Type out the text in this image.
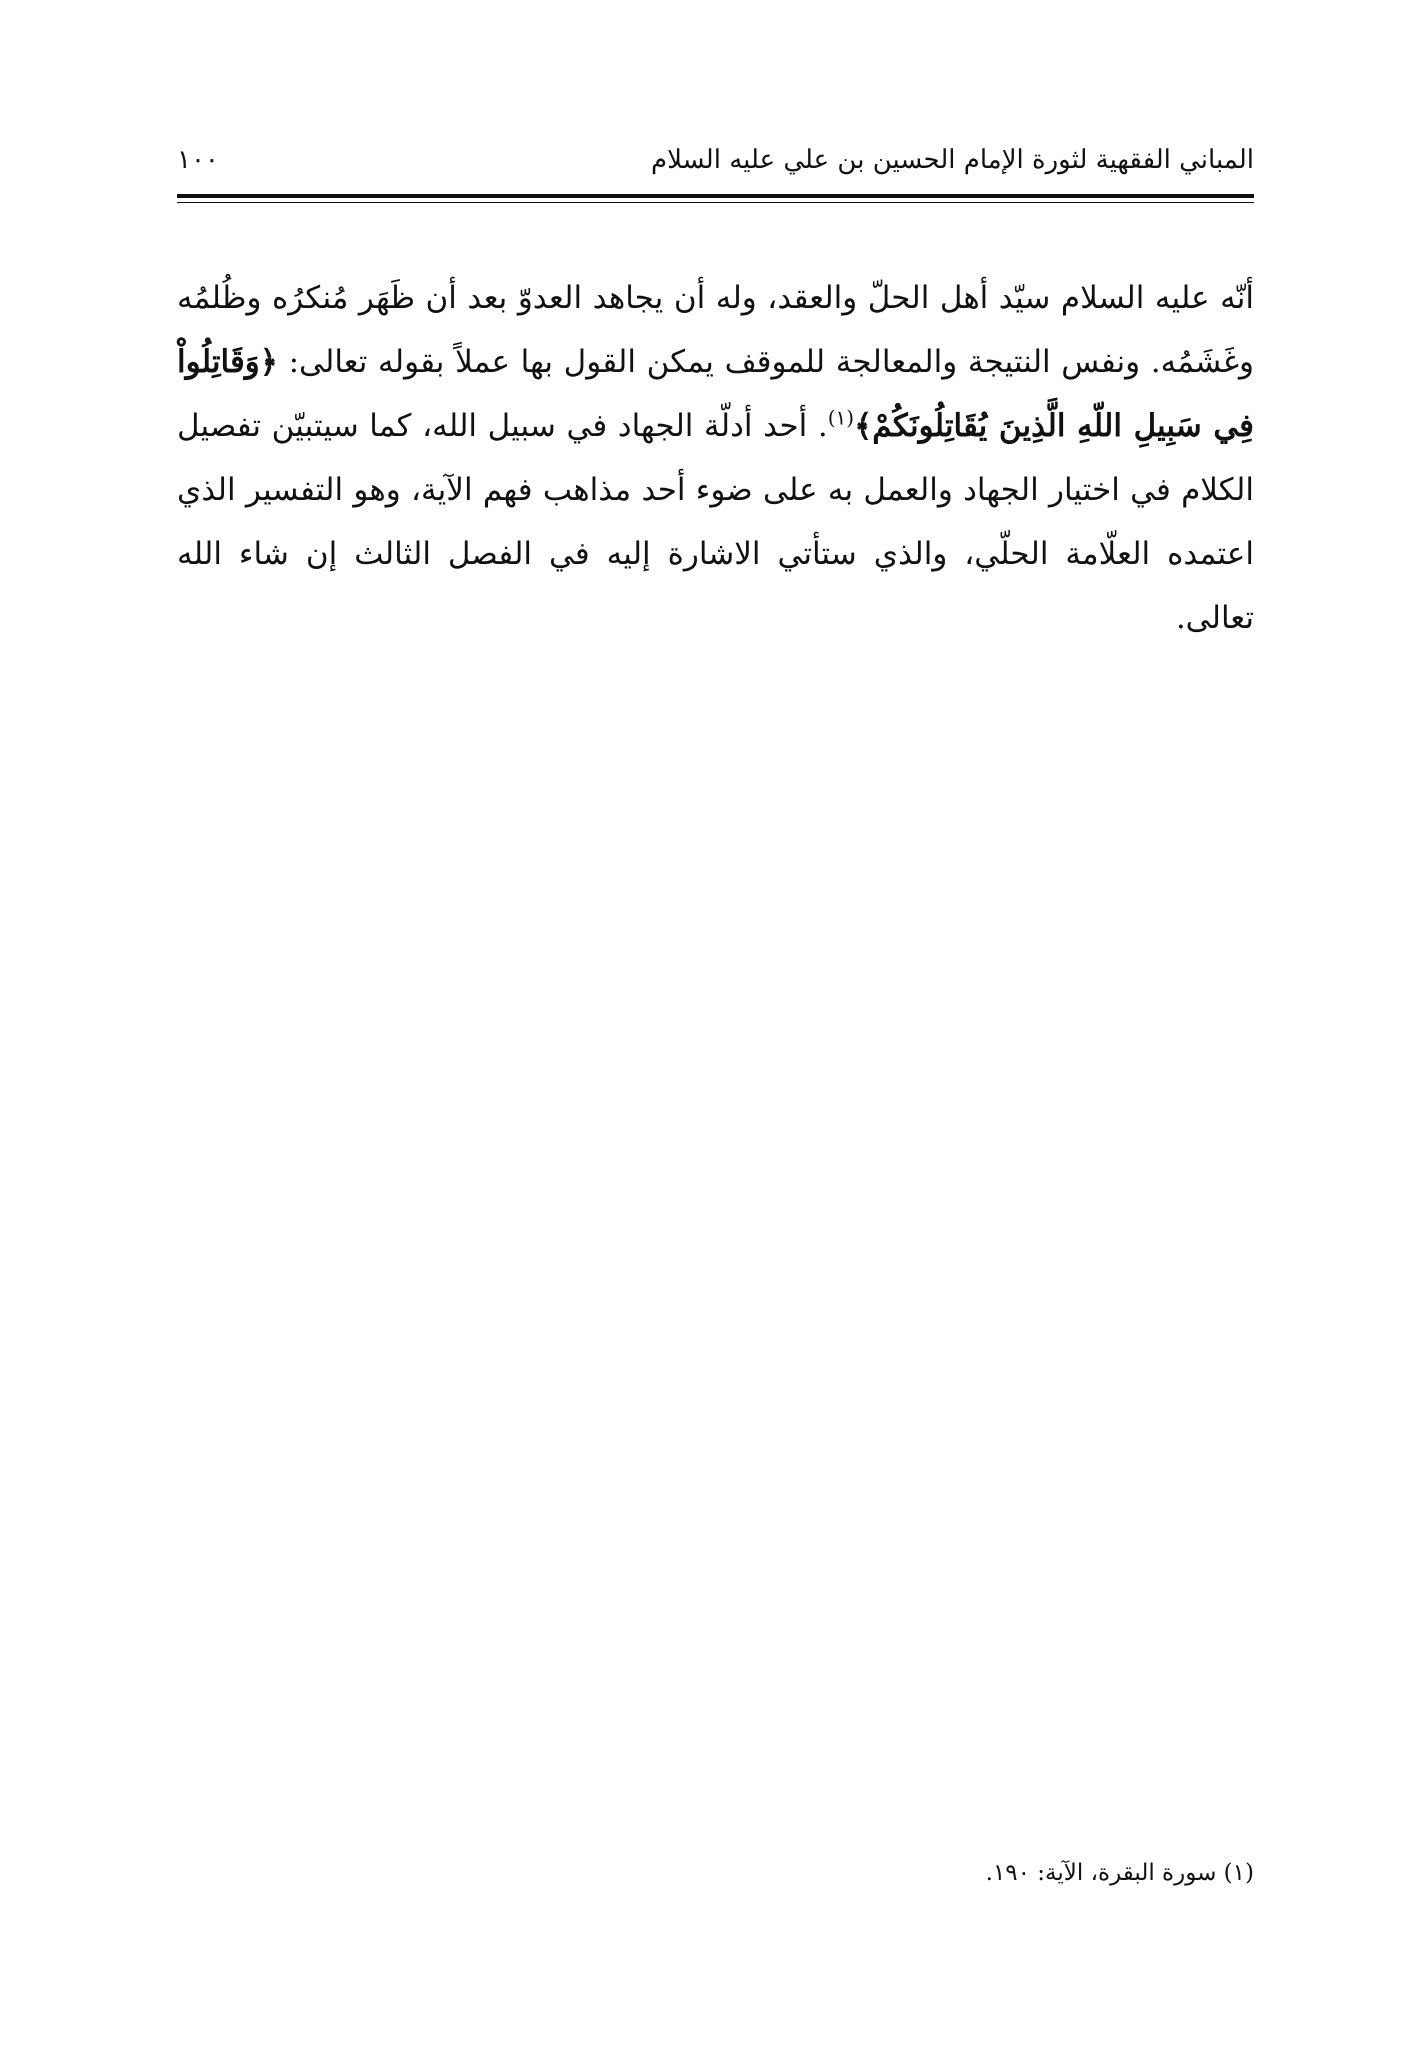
المباني الفقهية لثورة الإمام الحسين بن علي عليه السلام
١٠٠

أنّه عليه السلام سيّد أهل الحلّ والعقد، وله أن يجاهد العدوّ بعد أن ظَهَر مُنكرُه وظُلمُه وغَشَمُه. ونفس النتيجة والمعالجة للموقف يمكن القول بها عملاً بقوله تعالى: ﴿وَقَاتِلُواْ فِي سَبِيلِ اللّهِ الَّذِينَ يُقَاتِلُونَكُمْ﴾$^{(١)}$. أحد أدلّة الجهاد في سبيل الله، كما سيتبيّن تفصيل الكلام في اختيار الجهاد والعمل به على ضوء أحد مذاهب فهم الآية، وهو التفسير الذي اعتمده العلّامة الحلّي، والذي ستأتي الاشارة إليه في الفصل الثالث إن شاء الله تعالى.

(١) سورة البقرة، الآية: ١٩٠.
